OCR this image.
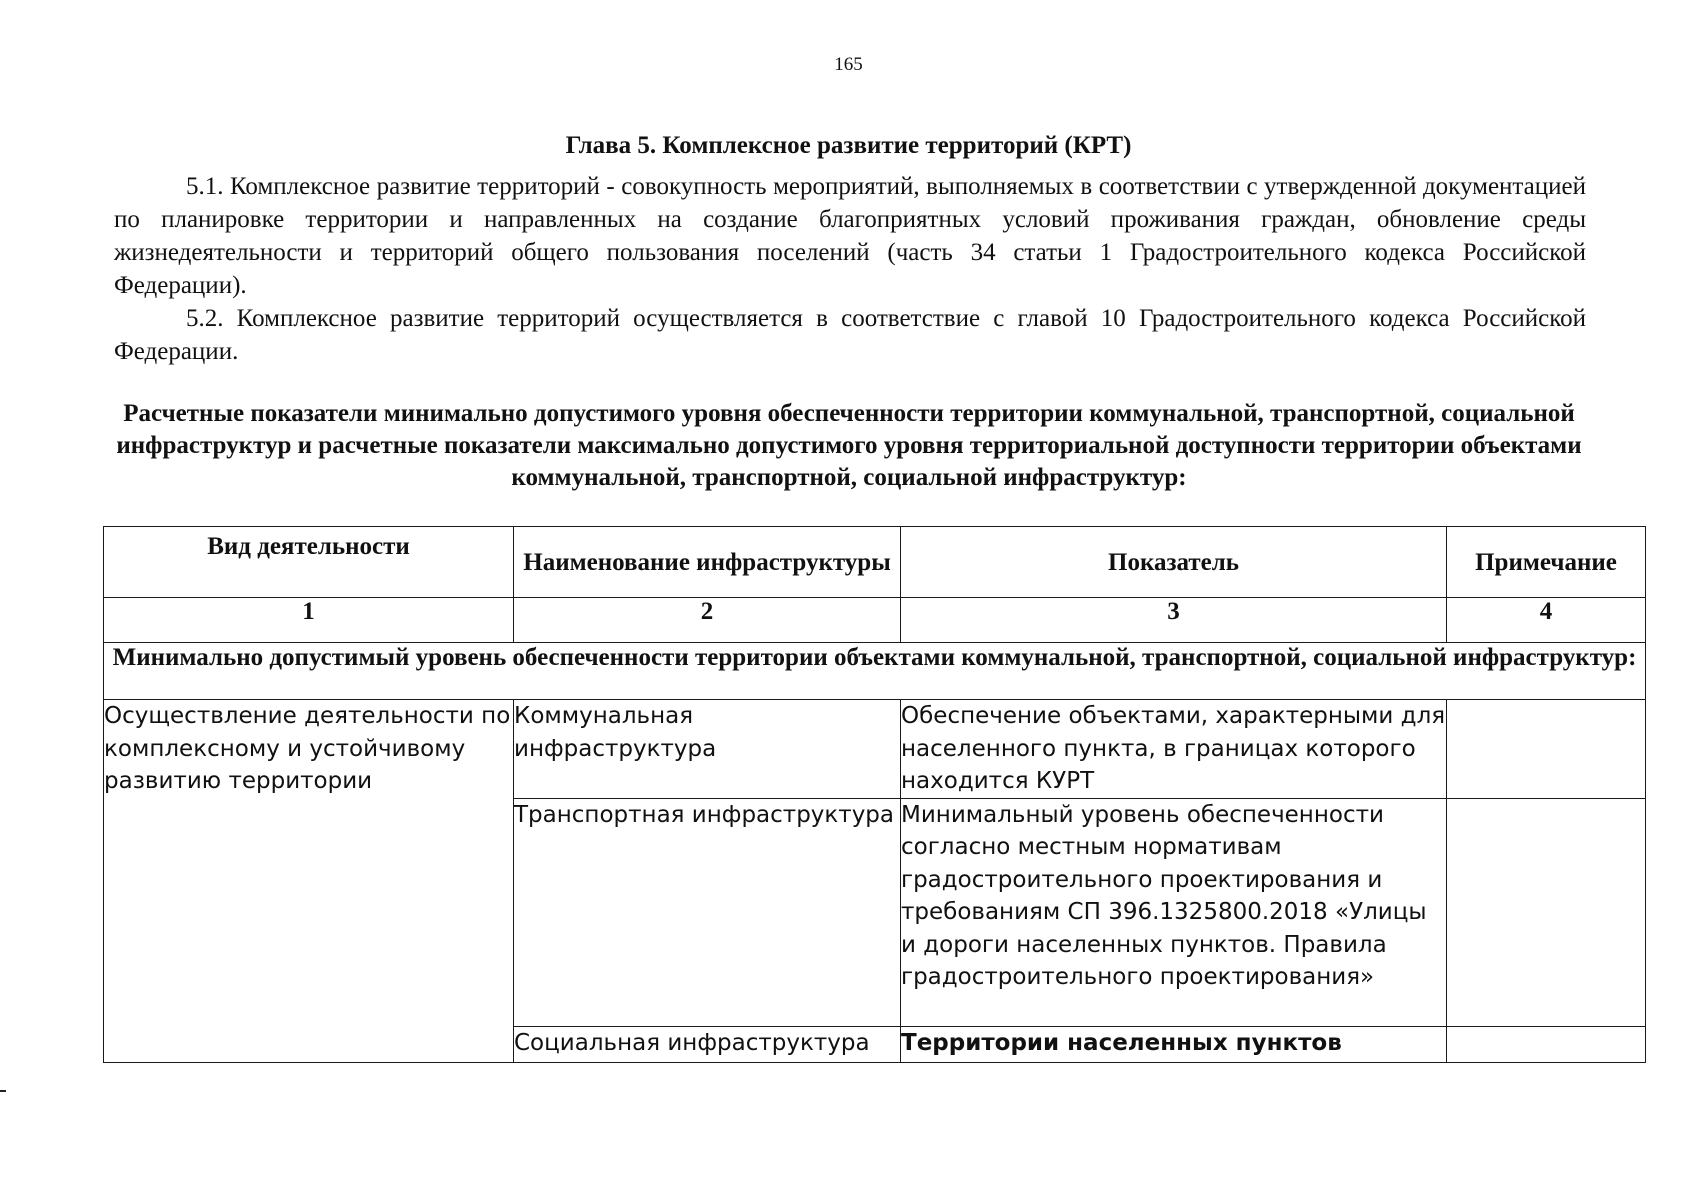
165
Глава 5. Комплексное развитие территорий (КРТ)

5.1. Комплексное развитие территорий - совокупность мероприятий, выполняемых в соответствии с утвержденной документацией по планировке территории и направленных на создание благоприятных условий проживания граждан, обновление среды жизнедеятельности и территорий общего пользования поселений (часть 34 статьи 1 Градостроительного кодекса Российской Федерации).

5.2. Комплексное развитие территорий осуществляется в соответствие с главой 10 Градостроительного кодекса Российской Федерации.

Расчетные показатели минимально допустимого уровня обеспеченности территории коммунальной, транспортной, социальной инфраструктур и расчетные показатели максимально допустимого уровня территориальной доступности территории объектами коммунальной, транспортной, социальной инфраструктур:
Вид деятельности	Наименование инфраструктуры	Показатель	Примечание
1	2	3	4
Минимально допустимый уровень обеспеченности территории объектами коммунальной, транспортной, социальной инфраструктур:			
Осуществление деятельности по комплексному и устойчивому развитию территории	Коммунальная инфраструктура	Обеспечение объектами, характерными для населенного пункта, в границах которого находится КУРТ	
	Транспортная инфраструктура	Минимальный уровень обеспеченности согласно местным нормативам градостроительного проектирования и требованиям СП 396.1325800.2018 «Улицы и дороги населенных пунктов. Правила градостроительного проектирования»	
	Социальная инфраструктура	Территории населенных пунктов	
